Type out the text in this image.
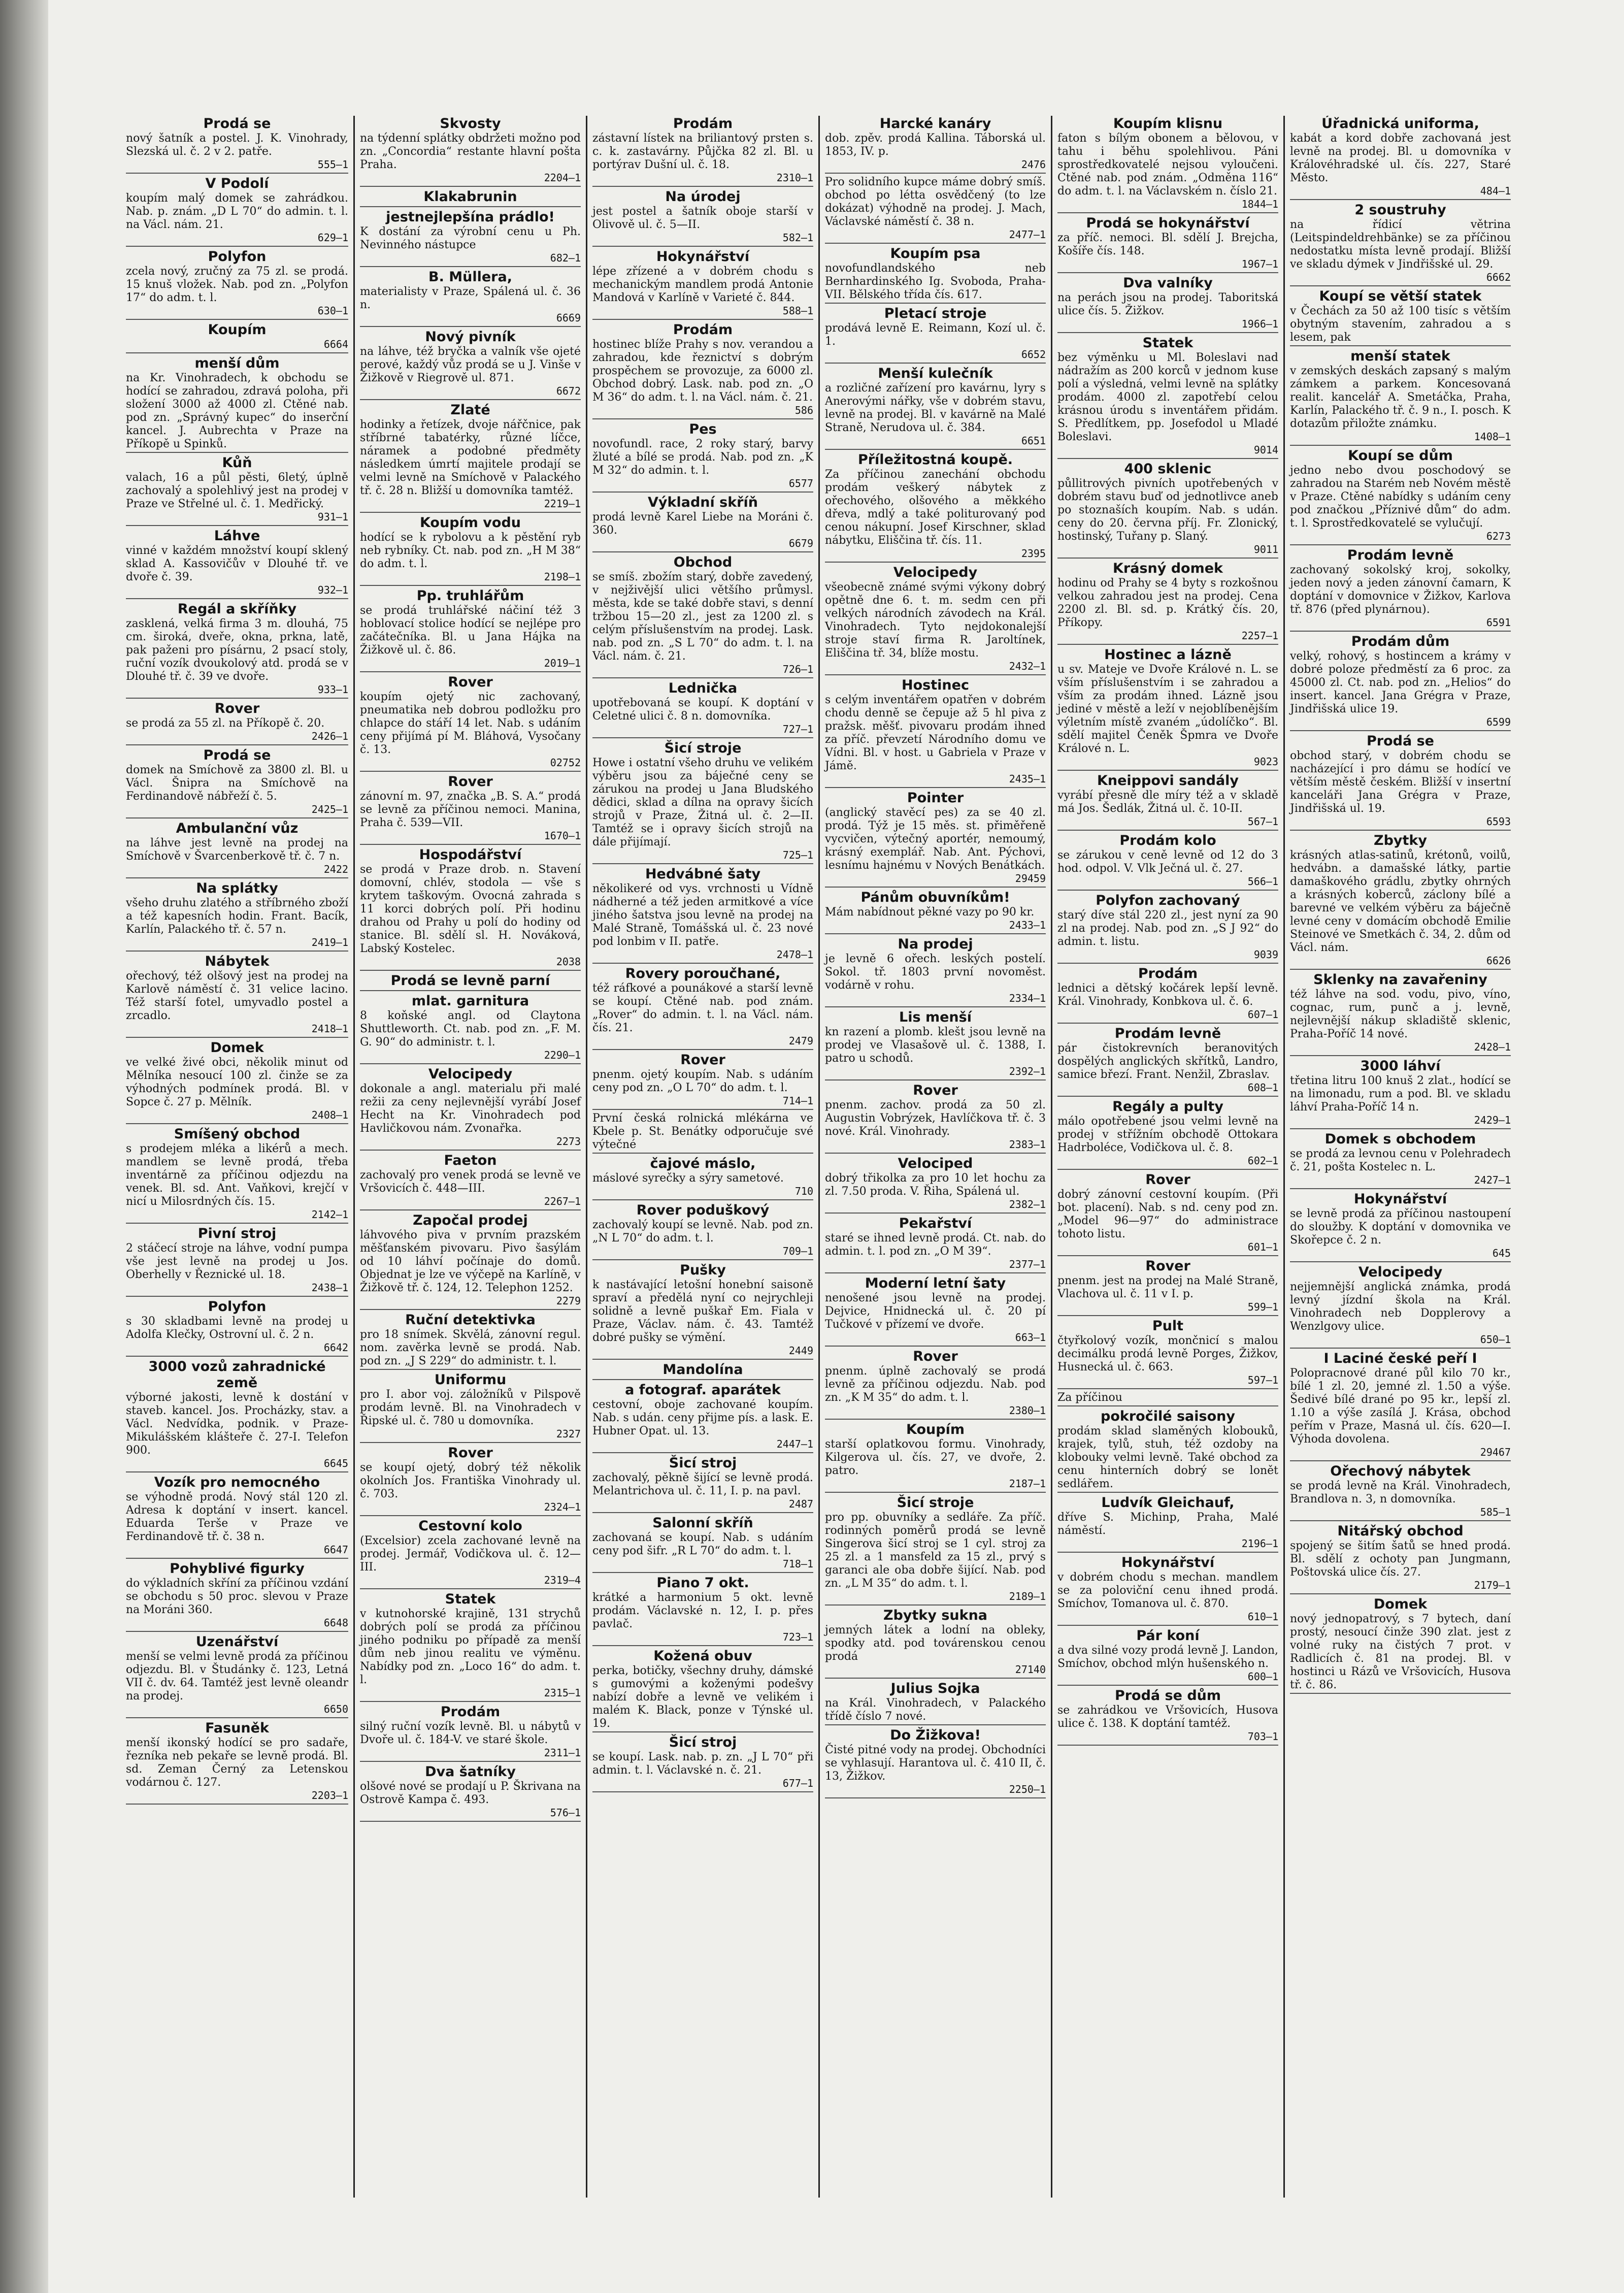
Prodá se
nový šatník a postel. J. K. Vinohrady, Slezská ul. č. 2 v 2. patře.
555—1
V Podolí
koupím malý domek se zahrádkou. Nab. p. znám. „D L 70“ do admin. t. l. na Václ. nám. 21.
629—1
Polyfon
zcela nový, zručný za 75 zl. se prodá. 15 knuš vložek. Nab. pod zn. „Polyfon 17“ do adm. t. l.
630—1
Koupím
6664
menší dům
na Kr. Vinohradech, k obchodu se hodící se zahradou, zdravá poloha, při složení 3000 až 4000 zl. Ctěné nab. pod zn. „Správný kupec“ do inserční kancel. J. Aubrechta v Praze na Příkopě u Spinků.
Kůň
valach, 16 a půl pěsti, 6letý, úplně zachovalý a spolehlivý jest na prodej v Praze ve Střelné ul. č. 1. Medřický.
931—1
Láhve
vinné v každém množství koupí sklený sklad A. Kassovičův v Dlouhé tř. ve dvoře č. 39.
932—1
Regál a skříňky
zasklená, velká firma 3 m. dlouhá, 75 cm. široká, dveře, okna, prkna, latě, pak paženi pro písárnu, 2 psací stoly, ruční vozík dvoukolový atd. prodá se v Dlouhé tř. č. 39 ve dvoře.
933—1
Rover
se prodá za 55 zl. na Příkopě č. 20.
2426—1
Prodá se
domek na Smíchově za 3800 zl. Bl. u Václ. Šnipra na Smíchově na Ferdinandově nábřeží č. 5.
2425—1
Ambulanční vůz
na láhve jest levně na prodej na Smíchově v Švarcenberkově tř. č. 7 n.
2422
Na splátky
všeho druhu zlatého a stříbrného zboží a též kapesních hodin. Frant. Bacík, Karlín, Palackého tř. č. 57 n.
2419—1
Nábytek
ořechový, též olšový jest na prodej na Karlově náměstí č. 31 velice lacino. Též starší fotel, umyvadlo postel a zrcadlo.
2418—1
Domek
ve velké živé obci, několik minut od Mělníka nesoucí 100 zl. činže se za výhodných podmínek prodá. Bl. v Sopce č. 27 p. Mělník.
2408—1
Smíšený obchod
s prodejem mléka a likérů a mech. mandlem se levně prodá, třeba inventárně za příčinou odjezdu na venek. Bl. sd. Ant. Vaňkovi, krejčí v nicí u Milosrdných čís. 15.
2142—1
Pivní stroj
2 stáčecí stroje na láhve, vodní pumpa vše jest levně na prodej u Jos. Oberhelly v Řeznické ul. 18.
2438—1
Polyfon
s 30 skladbami levně na prodej u Adolfa Klečky, Ostrovní ul. č. 2 n.
6642
3000 vozů zahradnické země
výborné jakosti, levně k dostání v staveb. kancel. Jos. Procházky, stav. a Václ. Nedvídka, podnik. v Praze-Mikulášském klášteře č. 27-I. Telefon 900.
6645
Vozík pro nemocného
se výhodně prodá. Nový stál 120 zl. Adresa k doptání v insert. kancel. Eduarda Terše v Praze ve Ferdinandově tř. č. 38 n.
6647
Pohyblivé figurky
do výkladních skříní za příčinou vzdání se obchodu s 50 proc. slevou v Praze na Moráni 360.
6648
Uzenářství
menší se velmi levně prodá za příčinou odjezdu. Bl. v Študánky č. 123, Letná VII č. dv. 64. Tamtéž jest levně oleandr na prodej.
6650
Fasuněk
menší ikonský hodící se pro sadaře, řezníka neb pekaře se levně prodá. Bl. sd. Zeman Černý za Letenskou vodárnou č. 127.
2203—1
Skvosty
na týdenní splátky obdržeti možno pod zn. „Concordia“ restante hlavní pošta Praha.
2204—1
Klakabrunin
jestnejlepšína prádlo!
K dostání za výrobní cenu u Ph. Nevinného nástupce
682—1
B. Müllera,
materialisty v Praze, Spálená ul. č. 36 n.
6669
Nový pivník
na láhve, též bryčka a valník vše ojeté perové, každý vůz prodá se u J. Vinše v Žižkově v Riegrově ul. 871.
6672
Zlaté
hodinky a řetízek, dvoje nářčnice, pak stříbrné tabatérky, různé líčce, náramek a podobné předměty následkem úmrtí majitele prodají se velmi levně na Smíchově v Palackého tř. č. 28 n. Bližší u domovníka tamtéž.
2219—1
Koupím vodu
hodící se k rybolovu a k pěstění ryb neb rybníky. Ct. nab. pod zn. „H M 38“ do adm. t. l.
2198—1
Pp. truhlářům
se prodá truhlářské náčiní též 3 hoblovací stolice hodící se nejlépe pro začátečníka. Bl. u Jana Hájka na Žižkově ul. č. 86.
2019—1
Rover
koupím ojetý nic zachovaný, pneumatika neb dobrou podložku pro chlapce do stáří 14 let. Nab. s udáním ceny přijímá pí M. Bláhová, Vysočany č. 13.
02752
Rover
zánovní m. 97, značka „B. S. A.“ prodá se levně za příčinou nemoci. Manina, Praha č. 539—VII.
1670—1
Hospodářství
se prodá v Praze drob. n. Stavení domovní, chlév, stodola — vše s krytem taškovým. Ovocná zahrada s 11 korci dobrých polí. Při hodinu drahou od Prahy u polí do hodiny od stanice. Bl. sdělí sl. H. Nováková, Labský Kostelec.
2038
Prodá se levně parní
mlat. garnitura
8 koňské angl. od Claytona Shuttleworth. Ct. nab. pod zn. „F. M. G. 90“ do administr. t. l.
2290—1
Velocipedy
dokonale a angl. materialu při malé režii za ceny nejlevnější vyrábí Josef Hecht na Kr. Vinohradech pod Havličkovou nám. Zvonařka.
2273
Faeton
zachovalý pro venek prodá se levně ve Vršovicích č. 448—III.
2267—1
Započal prodej
láhvového piva v prvním prazském měšťanském pivovaru. Pivo šasýlám od 10 láhví počínaje do domů. Objednat je lze ve výčepě na Karlíně, v Žižkově tř. č. 124, 12. Telephon 1252.
2279
Ruční detektivka
pro 18 snímek. Skvělá, zánovní regul. nom. zavěrka levně se prodá. Nab. pod zn. „J S 229“ do administr. t. l.
Uniformu
pro I. abor voj. záložníků v Pilspově prodám levně. Bl. na Vinohradech v Řipské ul. č. 780 u domovníka.
2327
Rover
se koupí ojetý, dobrý též několik okolních Jos. Františka Vinohrady ul. č. 703.
2324—1
Cestovní kolo
(Excelsior) zcela zachované levně na prodej. Jermář, Vodičkova ul. č. 12—III.
2319—4
Statek
v kutnohorské krajině, 131 strychů dobrých polí se prodá za příčinou jiného podniku po případě za menší dům neb jinou realitu ve výměnu. Nabídky pod zn. „Loco 16“ do adm. t. l.
2315—1
Prodám
silný ruční vozík levně. Bl. u nábytů v Dvoře ul. č. 184-V. ve staré škole.
2311—1
Dva šatníky
olšové nové se prodají u P. Škrivana na Ostrově Kampa č. 493.
576—1
Prodám
zástavní lístek na briliantový prsten s. c. k. zastavárny. Půjčka 82 zl. Bl. u portýrav Dušní ul. č. 18.
2310—1
Na úrodej
jest postel a šatník oboje starší v Olivově ul. č. 5—II.
582—1
Hokynářství
lépe zřízené a v dobrém chodu s mechanickým mandlem prodá Antonie Mandová v Karlíně v Varieté č. 844.
588—1
Prodám
hostinec blíže Prahy s nov. verandou a zahradou, kde řeznictví s dobrým prospěchem se provozuje, za 6000 zl. Obchod dobrý. Lask. nab. pod zn. „O M 36“ do adm. t. l. na Václ. nám. č. 21.
586
Pes
novofundl. race, 2 roky starý, barvy žluté a bílé se prodá. Nab. pod zn. „K M 32“ do admin. t. l.
6577
Výkladní skříň
prodá levně Karel Liebe na Moráni č. 360.
6679
Obchod
se smíš. zbožím starý, dobře zavedený, v nejživější ulici většího průmysl. města, kde se také dobře stavi, s denní tržbou 15—20 zl., jest za 1200 zl. s celým příslušenstvím na prodej. Lask. nab. pod zn. „S L 70“ do adm. t. l. na Václ. nám. č. 21.
726—1
Lednička
upotřebovaná se koupí. K doptání v Celetné ulici č. 8 n. domovníka.
727—1
Šicí stroje
Howe i ostatní všeho druhu ve velikém výběru jsou za báječné ceny se zárukou na prodej u Jana Bludského dědici, sklad a dílna na opravy šicích strojů v Praze, Žitná ul. č. 2—II. Tamtéž se i opravy šicích strojů na dále přijímají.
725—1
Hedvábné šaty
několikeré od vys. vrchnosti u Vídně nádherné a též jeden armitkové a více jiného šatstva jsou levně na prodej na Malé Straně, Tomášská ul. č. 23 nové pod lonbim v II. patře.
2478—1
Rovery poroučhané,
též ráfkové a pounákové a starší levně se koupí. Ctěné nab. pod znám. „Rover“ do admin. t. l. na Václ. nám. čís. 21.
2479
Rover
pnenm. ojetý koupím. Nab. s udáním ceny pod zn. „O L 70“ do adm. t. l.
714—1
První česká rolnická mlékárna ve Kbele p. St. Benátky odporučuje své výtečné
čajové máslo,
máslové syrečky a sýry sametové.
710
Rover poduškový
zachovalý koupí se levně. Nab. pod zn. „N L 70“ do adm. t. l.
709—1
Pušky
k nastávající letošní honební saisoně spraví a předělá nyní co nejrychleji solidně a levně puškař Em. Fiala v Praze, Václav. nám. č. 43. Tamtéž dobré pušky se výmění.
2449
Mandolína
a fotograf. aparátek
cestovní, oboje zachované koupím. Nab. s udán. ceny přijme pís. a lask. E. Hubner Opat. ul. 13.
2447—1
Šicí stroj
zachovalý, pěkně šijící se levně prodá. Melantrichova ul. č. 11, I. p. na pavl.
2487
Salonní skříň
zachovaná se koupí. Nab. s udáním ceny pod šifr. „R L 70“ do adm. t. l.
718—1
Piano 7 okt.
krátké a harmonium 5 okt. levně prodám. Václavské n. 12, I. p. přes pavlač.
723—1
Kožená obuv
perka, botičky, všechny druhy, dámské s gumovými a koženými podešvy nabízí dobře a levně ve velikém i malém K. Black, ponze v Týnské ul. 19.
Šicí stroj
se koupí. Lask. nab. p. zn. „J L 70“ při admin. t. l. Václavské n. č. 21.
677—1
Harcké kanáry
dob. zpěv. prodá Kallina. Táborská ul. 1853, IV. p.
2476
Pro solidního kupce máme dobrý smíš. obchod po létta osvědčený (to lze dokázat) výhodně na prodej. J. Mach, Václavské náměstí č. 38 n.
2477—1
Koupím psa
novofundlandského neb Bernhardinského Ig. Svoboda, Praha-VII. Bělského třída čís. 617.
Pletací stroje
prodává levně E. Reimann, Kozí ul. č. 1.
6652
Menší kulečník
a rozličné zařízení pro kavárnu, lyry s Anerovými nářky, vše v dobrém stavu, levně na prodej. Bl. v kavárně na Malé Straně, Nerudova ul. č. 384.
6651
Příležitostná koupě.
Za příčinou zanechání obchodu prodám veškerý nábytek z ořechového, olšového a měkkého dřeva, mdlý a také politurovaný pod cenou nákupní. Josef Kirschner, sklad nábytku, Eliščina tř. čís. 11.
2395
Velocipedy
všeobecně známé svými výkony dobrý opětně dne 6. t. m. sedm cen při velkých národních závodech na Král. Vinohradech. Tyto nejdokonalejší stroje staví firma R. Jaroltínek, Eliščina tř. 34, blíže mostu.
2432—1
Hostinec
s celým inventářem opatřen v dobrém chodu denně se čepuje až 5 hl piva z pražsk. měšť. pivovaru prodám ihned za příč. převzetí Národního domu ve Vídni. Bl. v host. u Gabriela v Praze v Jámě.
2435—1
Pointer
(anglický stavěcí pes) za se 40 zl. prodá. Týž je 15 měs. st. přiměřeně vycvičen, výtečný aportér, nemoumý, krásný exemplář. Nab. Ant. Pýchovi, lesnímu hajnému v Nových Benátkách.
29459
Pánům obuvníkům!
Mám nabídnout pěkné vazy po 90 kr.
2433—1
Na prodej
je levně 6 ořech. leských postelí. Sokol. tř. 1803 první novoměst. vodárně v rohu.
2334—1
Lis menší
kn razení a plomb. klešt jsou levně na prodej ve Vlasašově ul. č. 1388, I. patro u schodů.
2392—1
Rover
pnenm. zachov. prodá za 50 zl. Augustin Vobrýzek, Havlíčkova tř. č. 3 nové. Král. Vinohrady.
2383—1
Velociped
dobrý třikolka za pro 10 let hochu za zl. 7.50 proda. V. Řiha, Spálená ul.
2382—1
Pekařství
staré se ihned levně prodá. Ct. nab. do admin. t. l. pod zn. „O M 39“.
2377—1
Moderní letní šaty
nenošené jsou levně na prodej. Dejvice, Hnidnecká ul. č. 20 pí Tučkové v přízemí ve dvoře.
663—1
Rover
pnenm. úplně zachovalý se prodá levně za příčinou odjezdu. Nab. pod zn. „K M 35“ do adm. t. l.
2380—1
Koupím
starší oplatkovou formu. Vinohrady, Kilgerova ul. čís. 27, ve dvoře, 2. patro.
2187—1
Šicí stroje
pro pp. obuvníky a sedláře. Za příč. rodinných poměrů prodá se levně Singerova šicí stroj se 1 cyl. stroj za 25 zl. a 1 mansfeld za 15 zl., prvý s garanci ale oba dobře šijící. Nab. pod zn. „L M 35“ do adm. t. l.
2189—1
Zbytky sukna
jemných látek a lodní na obleky, spodky atd. pod továrenskou cenou prodá
27140
Julius Sojka
na Král. Vinohradech, v Palackého třídě číslo 7 nové.
Do Žižkova!
Čisté pitné vody na prodej. Obchodníci se vyhlasují. Harantova ul. č. 410 II, č. 13, Žižkov.
2250—1
Koupím klisnu
faton s bílým obonem a bělovou, v tahu i běhu spolehlivou. Páni sprostředkovatelé nejsou vyloučeni. Ctěné nab. pod znám. „Odměna 116“ do adm. t. l. na Václavském n. číslo 21.
1844—1
Prodá se hokynářství
za příč. nemoci. Bl. sdělí J. Brejcha, Košíře čís. 148.
1967—1
Dva valníky
na perách jsou na prodej. Taboritská ulice čís. 5. Žižkov.
1966—1
Statek
bez výměnku u Ml. Boleslavi nad nádražím as 200 korců v jednom kuse polí a výsledná, velmi levně na splátky prodám. 4000 zl. zapotřebí celou krásnou úrodu s inventářem přidám. S. Předlítkem, pp. Josefodol u Mladé Boleslavi.
9014
400 sklenic
půllitrových pivních upotřebených v dobrém stavu buď od jednotlivce aneb po stoznaších koupím. Nab. s udán. ceny do 20. června příj. Fr. Zlonický, hostinský, Tuřany p. Slaný.
9011
Krásný domek
hodinu od Prahy se 4 byty s rozkošnou velkou zahradou jest na prodej. Cena 2200 zl. Bl. sd. p. Krátký čís. 20, Příkopy.
2257—1
Hostinec a lázně
u sv. Mateje ve Dvoře Králové n. L. se vším příslušenstvím i se zahradou a vším za prodám ihned. Lázně jsou jediné v městě a leží v nejoblíbenějším výletním místě zvaném „údolíčko“. Bl. sdělí majitel Čeněk Špmra ve Dvoře Králové n. L.
9023
Kneippovi sandály
vyrábí přesně dle míry též a v skladě má Jos. Šedlák, Žitná ul. č. 10-II.
567—1
Prodám kolo
se zárukou v ceně levně od 12 do 3 hod. odpol. V. Vlk Ječná ul. č. 27.
566—1
Polyfon zachovaný
starý díve stál 220 zl., jest nyní za 90 zl na prodej. Nab. pod zn. „S J 92“ do admin. t. listu.
9039
Prodám
lednici a dětský kočárek lepší levně. Král. Vinohrady, Konbkova ul. č. 6.
607—1
Prodám levně
pár čistokrevních beranovitých dospělých anglických skřítků, Landro, samice březí. Frant. Nenžil, Zbraslav.
608—1
Regály a pulty
málo opotřebené jsou velmi levně na prodej v střížním obchodě Ottokara Hadrboléce, Vodičkova ul. č. 8.
602—1
Rover
dobrý zánovní cestovní koupím. (Při bot. placení). Nab. s nd. ceny pod zn. „Model 96—97“ do administrace tohoto listu.
601—1
Rover
pnenm. jest na prodej na Malé Straně, Vlachova ul. č. 11 v I. p.
599—1
Pult
čtyřkolový vozík, mončnicí s malou decimálku prodá levně Porges, Žižkov, Husnecká ul. č. 663.
597—1
Za příčinou
pokročilé saisony
prodám sklad slaměných klobouků, krajek, tylů, stuh, též ozdoby na klobouky velmi levně. Také obchod za cenu hinterních dobrý se lonět sedlářem.
Ludvík Gleichauf,
dříve S. Michinp, Praha, Malé náměstí.
2196—1
Hokynářství
v dobrém chodu s mechan. mandlem se za poloviční cenu ihned prodá. Smíchov, Tomanova ul. č. 870.
610—1
Pár koní
a dva silné vozy prodá levně J. Landon, Smíchov, obchod mlýn hušenského n.
600—1
Prodá se dům
se zahrádkou ve Vršovicích, Husova ulice č. 138. K doptání tamtéž.
703—1
Úřadnická uniforma,
kabát a kord dobře zachovaná jest levně na prodej. Bl. u domovníka v Královéhradské ul. čís. 227, Staré Město.
484—1
2 soustruhy
na řídicí větrina (Leitspindeldrehbänke) se za příčinou nedostatku místa levně prodají. Bližší ve skladu dýmek v Jindřišské ul. 29.
6662
Koupí se větší statek
v Čechách za 50 až 100 tisíc s větším obytným stavením, zahradou a s lesem, pak
menší statek
v zemských deskách zapsaný s malým zámkem a parkem. Koncesovaná realit. kancelář A. Smetáčka, Praha, Karlín, Palackého tř. č. 9 n., I. posch. K dotazům přiložte známku.
1408—1
Koupí se dům
jedno nebo dvou poschodový se zahradou na Starém neb Novém městě v Praze. Ctěné nabídky s udáním ceny pod značkou „Příznivé dům“ do adm. t. l. Sprostředkovatelé se vylučují.
6273
Prodám levně
zachovaný sokolský kroj, sokolky, jeden nový a jeden zánovní čamarn, K doptání v domovnice v Žižkov, Karlova tř. 876 (před plynárnou).
6591
Prodám dům
velký, rohový, s hostincem a krámy v dobré poloze předměstí za 6 proc. za 45000 zl. Ct. nab. pod zn. „Helios“ do insert. kancel. Jana Grégra v Praze, Jindřišská ulice 19.
6599
Prodá se
obchod starý, v dobrém chodu se nacházející i pro dámu se hodící ve větším městě českém. Bližší v insertní kanceláři Jana Grégra v Praze, Jindřišská ul. 19.
6593
Zbytky
krásných atlas-satinů, krétonů, voilů, hedvábn. a damašské látky, partie damaškového grádlu, zbytky ohrných a krásných koberců, záclony bílé a barevné ve velkém výběru za báječně levné ceny v domácím obchodě Emilie Steinové ve Smetkách č. 34, 2. dům od Václ. nám.
6626
Sklenky na zavařeniny
též láhve na sod. vodu, pivo, víno, cognac, rum, punč a j. levně, nejlevnější nákup skladiště sklenic, Praha-Poříč 14 nové.
2428—1
3000 láhví
třetina litru 100 knuš 2 zlat., hodící se na limonadu, rum a pod. Bl. ve skladu láhví Praha-Poříč 14 n.
2429—1
Domek s obchodem
se prodá za levnou cenu v Polehradech č. 21, pošta Kostelec n. L.
2427—1
Hokynářství
se levně prodá za příčinou nastoupení do sloužby. K doptání v domovnika ve Skořepce č. 2 n.
645
Velocipedy
nejjemnější anglická známka, prodá levný jízdní škola na Král. Vinohradech neb Dopplerovy a Wenzlgovy ulice.
650—1
I Laciné české peří I
Polopracnové drané půl kilo 70 kr., bílé 1 zl. 20, jemné zl. 1.50 a výše. Šedivé bílé drané po 95 kr., lepší zl. 1.10 a výše zasílá J. Krása, obchod peřím v Praze, Masná ul. čís. 620—I. Výhoda dovolena.
29467
Ořechový nábytek
se prodá levně na Král. Vinohradech, Brandlova n. 3, n domovníka.
585—1
Nitářský obchod
spojený se šitím šatů se hned prodá. Bl. sdělí z ochoty pan Jungmann, Poštovská ulice čís. 27.
2179—1
Domek
nový jednopatrový, s 7 bytech, daní prostý, nesoucí činže 390 zlat. jest z volné ruky na čistých 7 prot. v Radlicích č. 81 na prodej. Bl. v hostinci u Rázů ve Vršovicích, Husova tř. č. 86.
